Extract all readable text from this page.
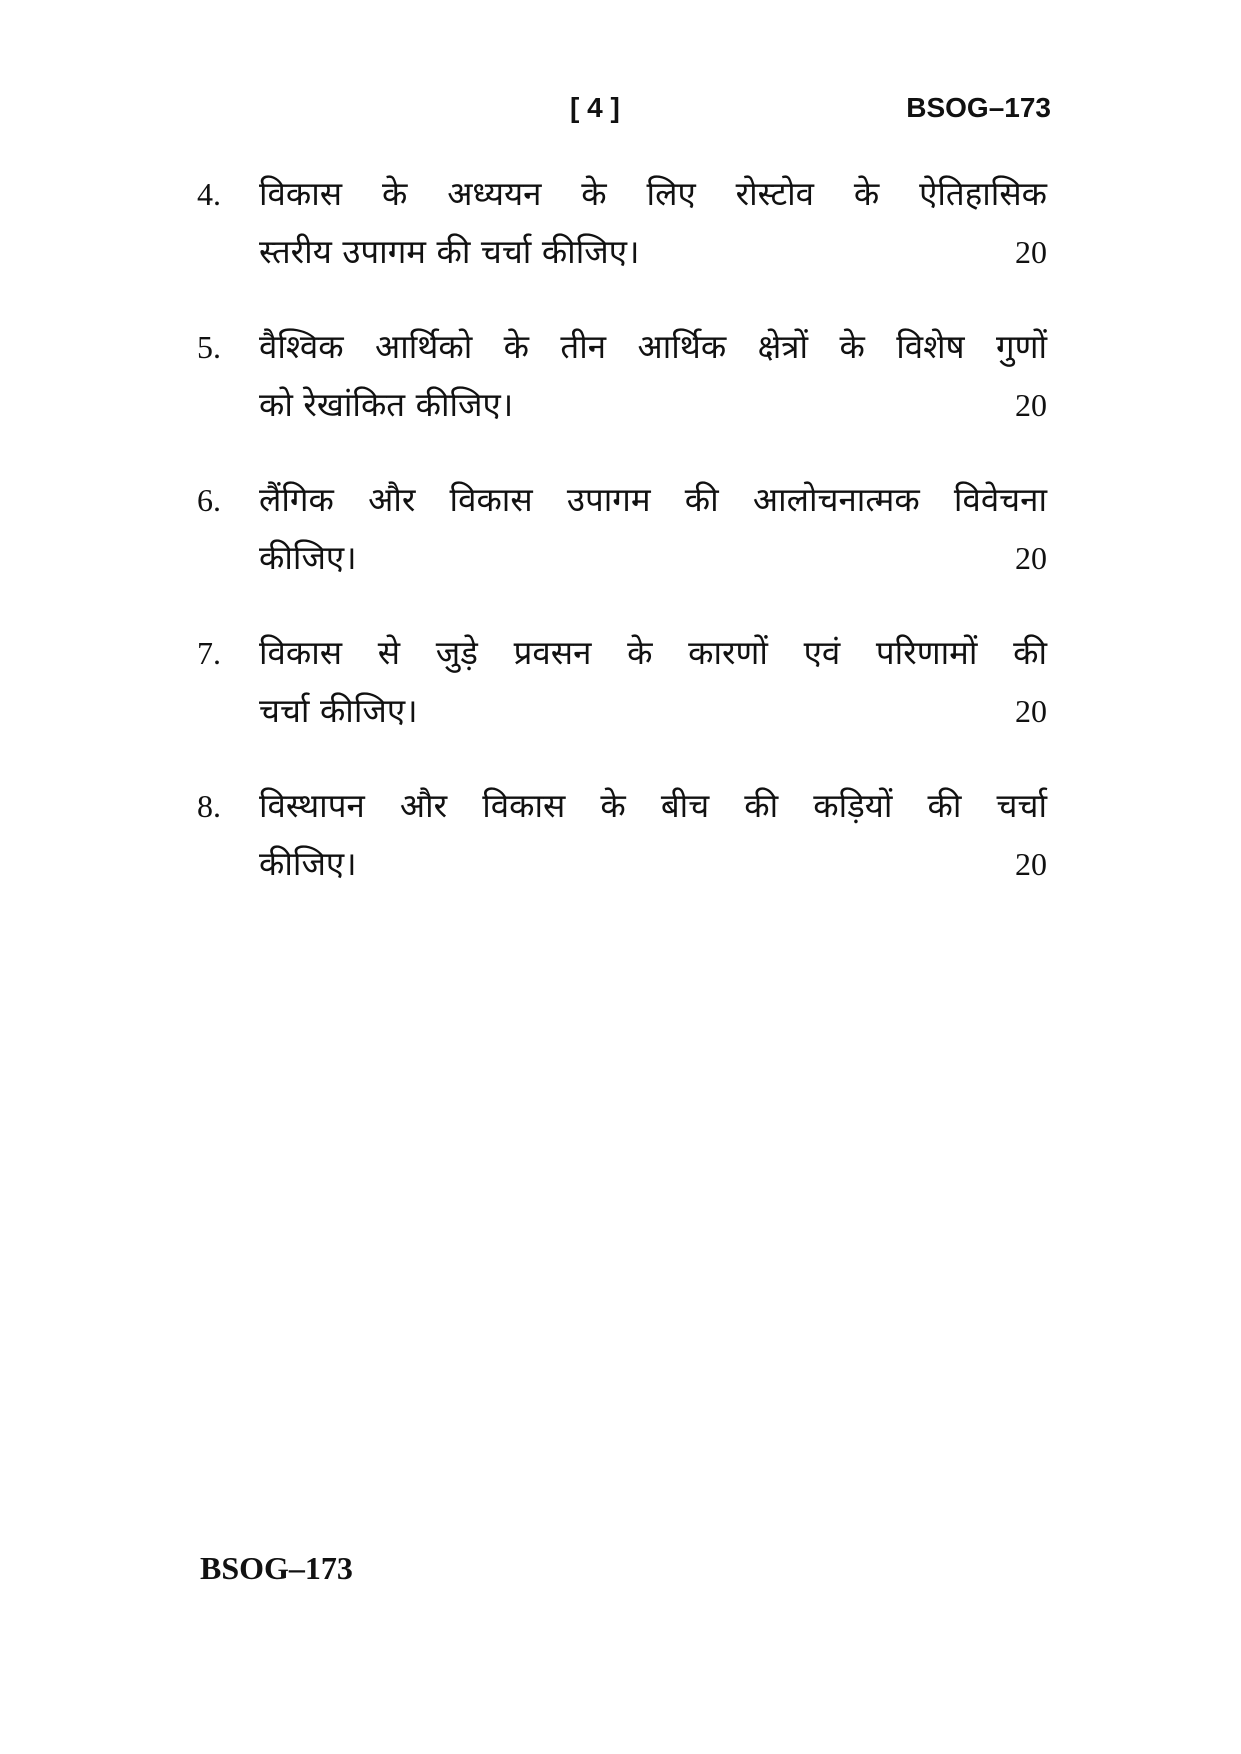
[ 4 ]	BSOG–173
4. विकास के अध्ययन के लिए रोस्टोव के ऐतिहासिक
स्तरीय उपागम की चर्चा कीजिए।	20
5. वैश्विक आर्थिको के तीन आर्थिक क्षेत्रों के विशेष गुणों
को रेखांकित कीजिए।	20
6. लैंगिक और विकास उपागम की आलोचनात्मक विवेचना
कीजिए।	20
7. विकास से जुड़े प्रवसन के कारणों एवं परिणामों की
चर्चा कीजिए।	20
8. विस्थापन और विकास के बीच की कड़ियों की चर्चा
कीजिए।	20
BSOG–173
